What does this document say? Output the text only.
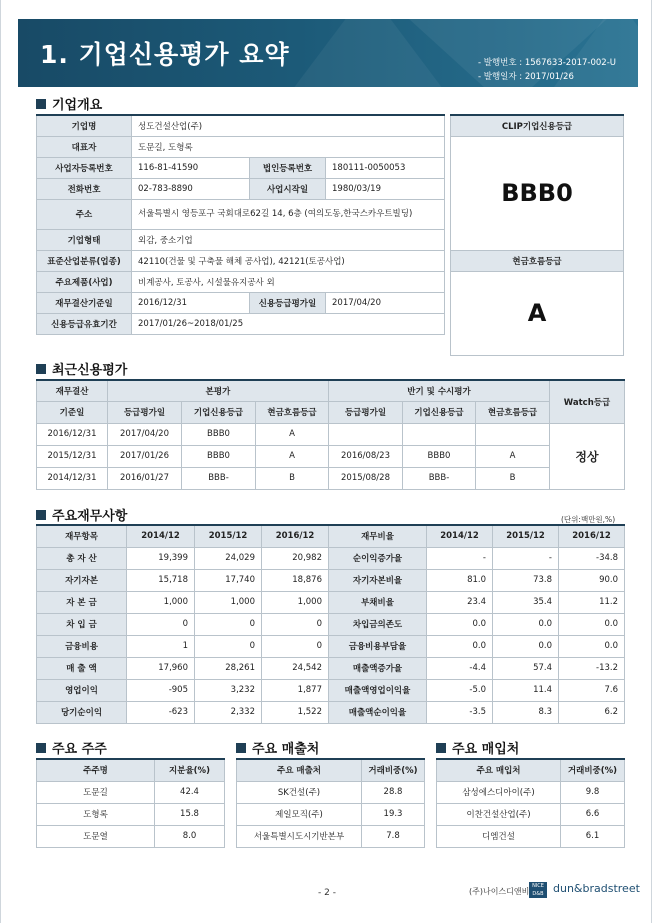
1. 기업신용평가 요약	- 발행번호 : 1567633-2017-002-U
- 발행일자 : 2017/01/26
기업개요
기업명	성도건설산업(주)		
대표자	도문길, 도형록		
사업자등록번호	116-81-41590	법인등록번호	180111-0050053
전화번호	02-783-8890	사업시작일	1980/03/19
주소	서울특별시 영등포구 국회대로62길 14, 6층 (여의도동,한국스카우트빌딩)		
기업형태	외감, 중소기업		
표준산업분류(업종)	42110(건물 및 구축물 해체 공사업), 42121(토공사업)		
주요제품(사업)	비계공사, 토공사, 시설물유지공사 외		
재무결산기준일	2016/12/31	신용등급평가일	2017/04/20
신용등급유효기간	2017/01/26~2018/01/25		
CLIP기업신용등급
BBB0
현금흐름등급
A
최근신용평가
재무결산	본평가			반기 및 수시평가			Watch등급
기준일	등급평가일	기업신용등급	현금흐름등급	등급평가일	기업신용등급	현금흐름등급	
2016/12/31	2017/04/20	BBB0	A				정상
2015/12/31	2017/01/26	BBB0	A	2016/08/23	BBB0	A	
2014/12/31	2016/01/27	BBB-	B	2015/08/28	BBB-	B	
주요재무사항	(단위:백만원,%)
재무항목	2014/12	2015/12	2016/12	재무비율	2014/12	2015/12	2016/12
총 자 산	19,399	24,029	20,982	순이익증가율	-	-	-34.8
자기자본	15,718	17,740	18,876	자기자본비율	81.0	73.8	90.0
자 본 금	1,000	1,000	1,000	부채비율	23.4	35.4	11.2
차 입 금	0	0	0	차입금의존도	0.0	0.0	0.0
금융비용	1	0	0	금융비용부담율	0.0	0.0	0.0
매 출 액	17,960	28,261	24,542	매출액증가율	-4.4	57.4	-13.2
영업이익	-905	3,232	1,877	매출액영업이익율	-5.0	11.4	7.6
당기순이익	-623	2,332	1,522	매출액순이익율	-3.5	8.3	6.2
주요 주주
주주명	지분율(%)
도문길	42.4
도형록	15.8
도문열	8.0
주요 매출처
주요 매출처	거래비중(%)
SK건설(주)	28.8
제일모직(주)	19.3
서울특별시도시기반본부	7.8
주요 매입처
주요 매입처	거래비중(%)
삼성에스디아이(주)	9.8
이찬건설산업(주)	6.6
디엠건설	6.1
- 2 -	(주)나이스디앤비
NICE D&B dun&bradstreet
